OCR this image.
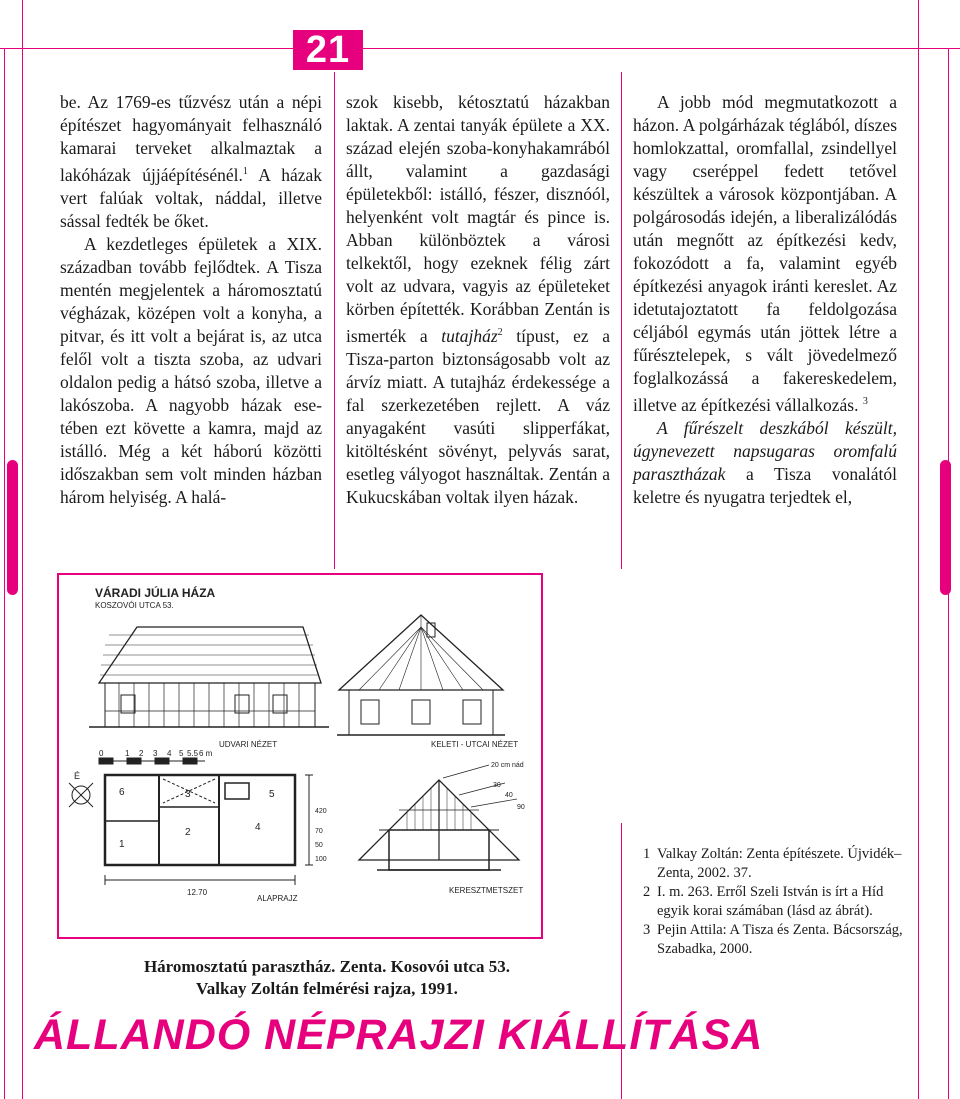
21

be. Az 1769-es tűzvész után a népi építészet hagyományait felhasználó kamarai terveket alkalmaztak a lakóházak újjáépítésénél.$^1$ A házak vert falúak voltak, náddal, illetve sással fedték be őket.

A kezdetleges épületek a XIX. században tovább fejlődtek. A Tisza mentén megjelentek a háromosztatú végházak, középen volt a konyha, a pitvar, és itt volt a bejárat is, az utca felől volt a tiszta szoba, az udvari oldalon pedig a hátsó szoba, illetve a lakószoba. A nagyobb házak esetében ezt követte a kamra, majd az istálló. Még a két háború közötti időszakban sem volt minden házban három helyiség. A halá-

szok kisebb, kétosztatú házakban laktak. A zentai tanyák épülete a XX. század elején szoba-konyhakamrából állt, valamint a gazdasági épületekből: istálló, fészer, disznóól, helyenként volt magtár és pince is. Abban különböztek a városi telkektől, hogy ezeknek félig zárt volt az udvara, vagyis az épületeket körben építették. Korábban Zentán is ismerték a tutajház$^2$ típust, ez a Tisza-parton biztonságosabb volt az árvíz miatt. A tutajház érdekessége a fal szerkezetében rejlett. A váz anyagaként vasúti slipperfákat, kitöltésként sövényt, pelyvás sarat, esetleg vályogot használtak. Zentán a Kukucskában voltak ilyen házak.

A jobb mód megmutatkozott a házon. A polgárházak téglából, díszes homlokzattal, oromfallal, zsindellyel vagy cseréppel fedett tetővel készültek a városok központjában. A polgárosodás idején, a liberalizálódás után megnőtt az építkezési kedv, fokozódott a fa, valamint egyéb építkezési anyagok iránti kereslet. Az idetutajoztatott fa feldolgozása céljából egymás után jöttek létre a fűrésztelepek, s vált jövedelmező foglalkozássá a fakereskedelem, illetve az építkezési vállalkozás. $^3$

A fűrészelt deszkából készült, úgynevezett napsugaras oromfalú parasztházak a Tisza vonalától keletre és nyugatra terjedtek el,

VÁRADI JÚLIA HÁZA
KOSZOVÓI UTCA 53.
UDVARI NÉZET	KELETI - UTCAI NÉZET
ALAPRAJZ
KERESZTMETSZET
0	1 2 3 4 5 5.5 6 m
É
6
1
2
3
4
5
12.70
420
70
50
100
20 cm nád
30
40
90
Háromosztatú parasztház. Zenta. Kosovói utca 53.
Valkay Zoltán felmérési rajza, 1991.

1 Valkay Zoltán: Zenta építészete. Újvidék–Zenta, 2002. 37.

2 I. m. 263. Erről Szeli István is írt a Híd egyik korai számában (lásd az ábrát).

3 Pejin Attila: A Tisza és Zenta. Bácsország, Szabadka, 2000.

ÁLLANDÓ NÉPRAJZI KIÁLLÍTÁSA
